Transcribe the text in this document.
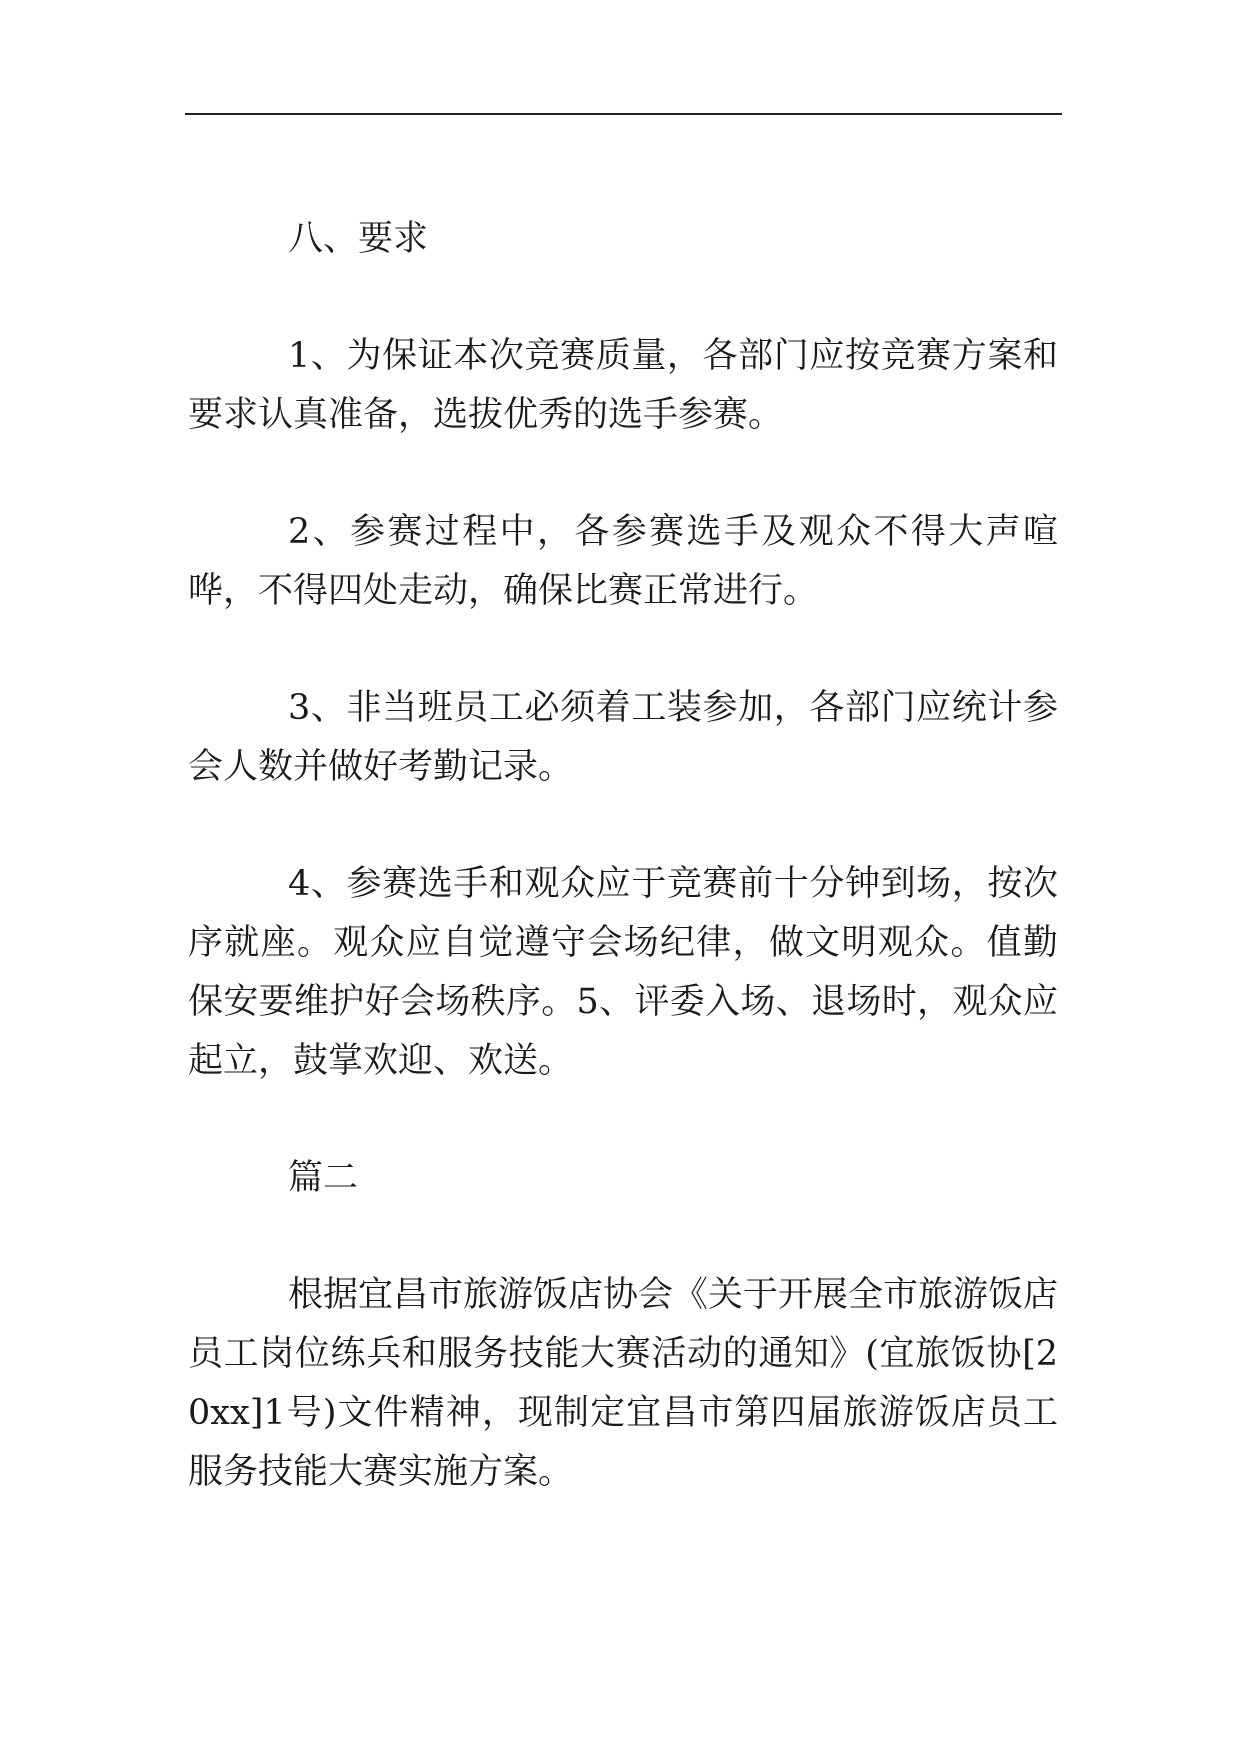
八、要求

1、为保证本次竞赛质量，各部门应按竞赛方案和要求认真准备，选拔优秀的选手参赛。

2、参赛过程中，各参赛选手及观众不得大声喧哗，不得四处走动，确保比赛正常进行。

3、非当班员工必须着工装参加，各部门应统计参会人数并做好考勤记录。

4、参赛选手和观众应于竞赛前十分钟到场，按次序就座。观众应自觉遵守会场纪律，做文明观众。值勤保安要维护好会场秩序。5、评委入场、退场时，观众应起立，鼓掌欢迎、欢送。

篇二

根据宜昌市旅游饭店协会《关于开展全市旅游饭店员工岗位练兵和服务技能大赛活动的通知》(宜旅饭协[20xx]1号)文件精神，现制定宜昌市第四届旅游饭店员工服务技能大赛实施方案。
